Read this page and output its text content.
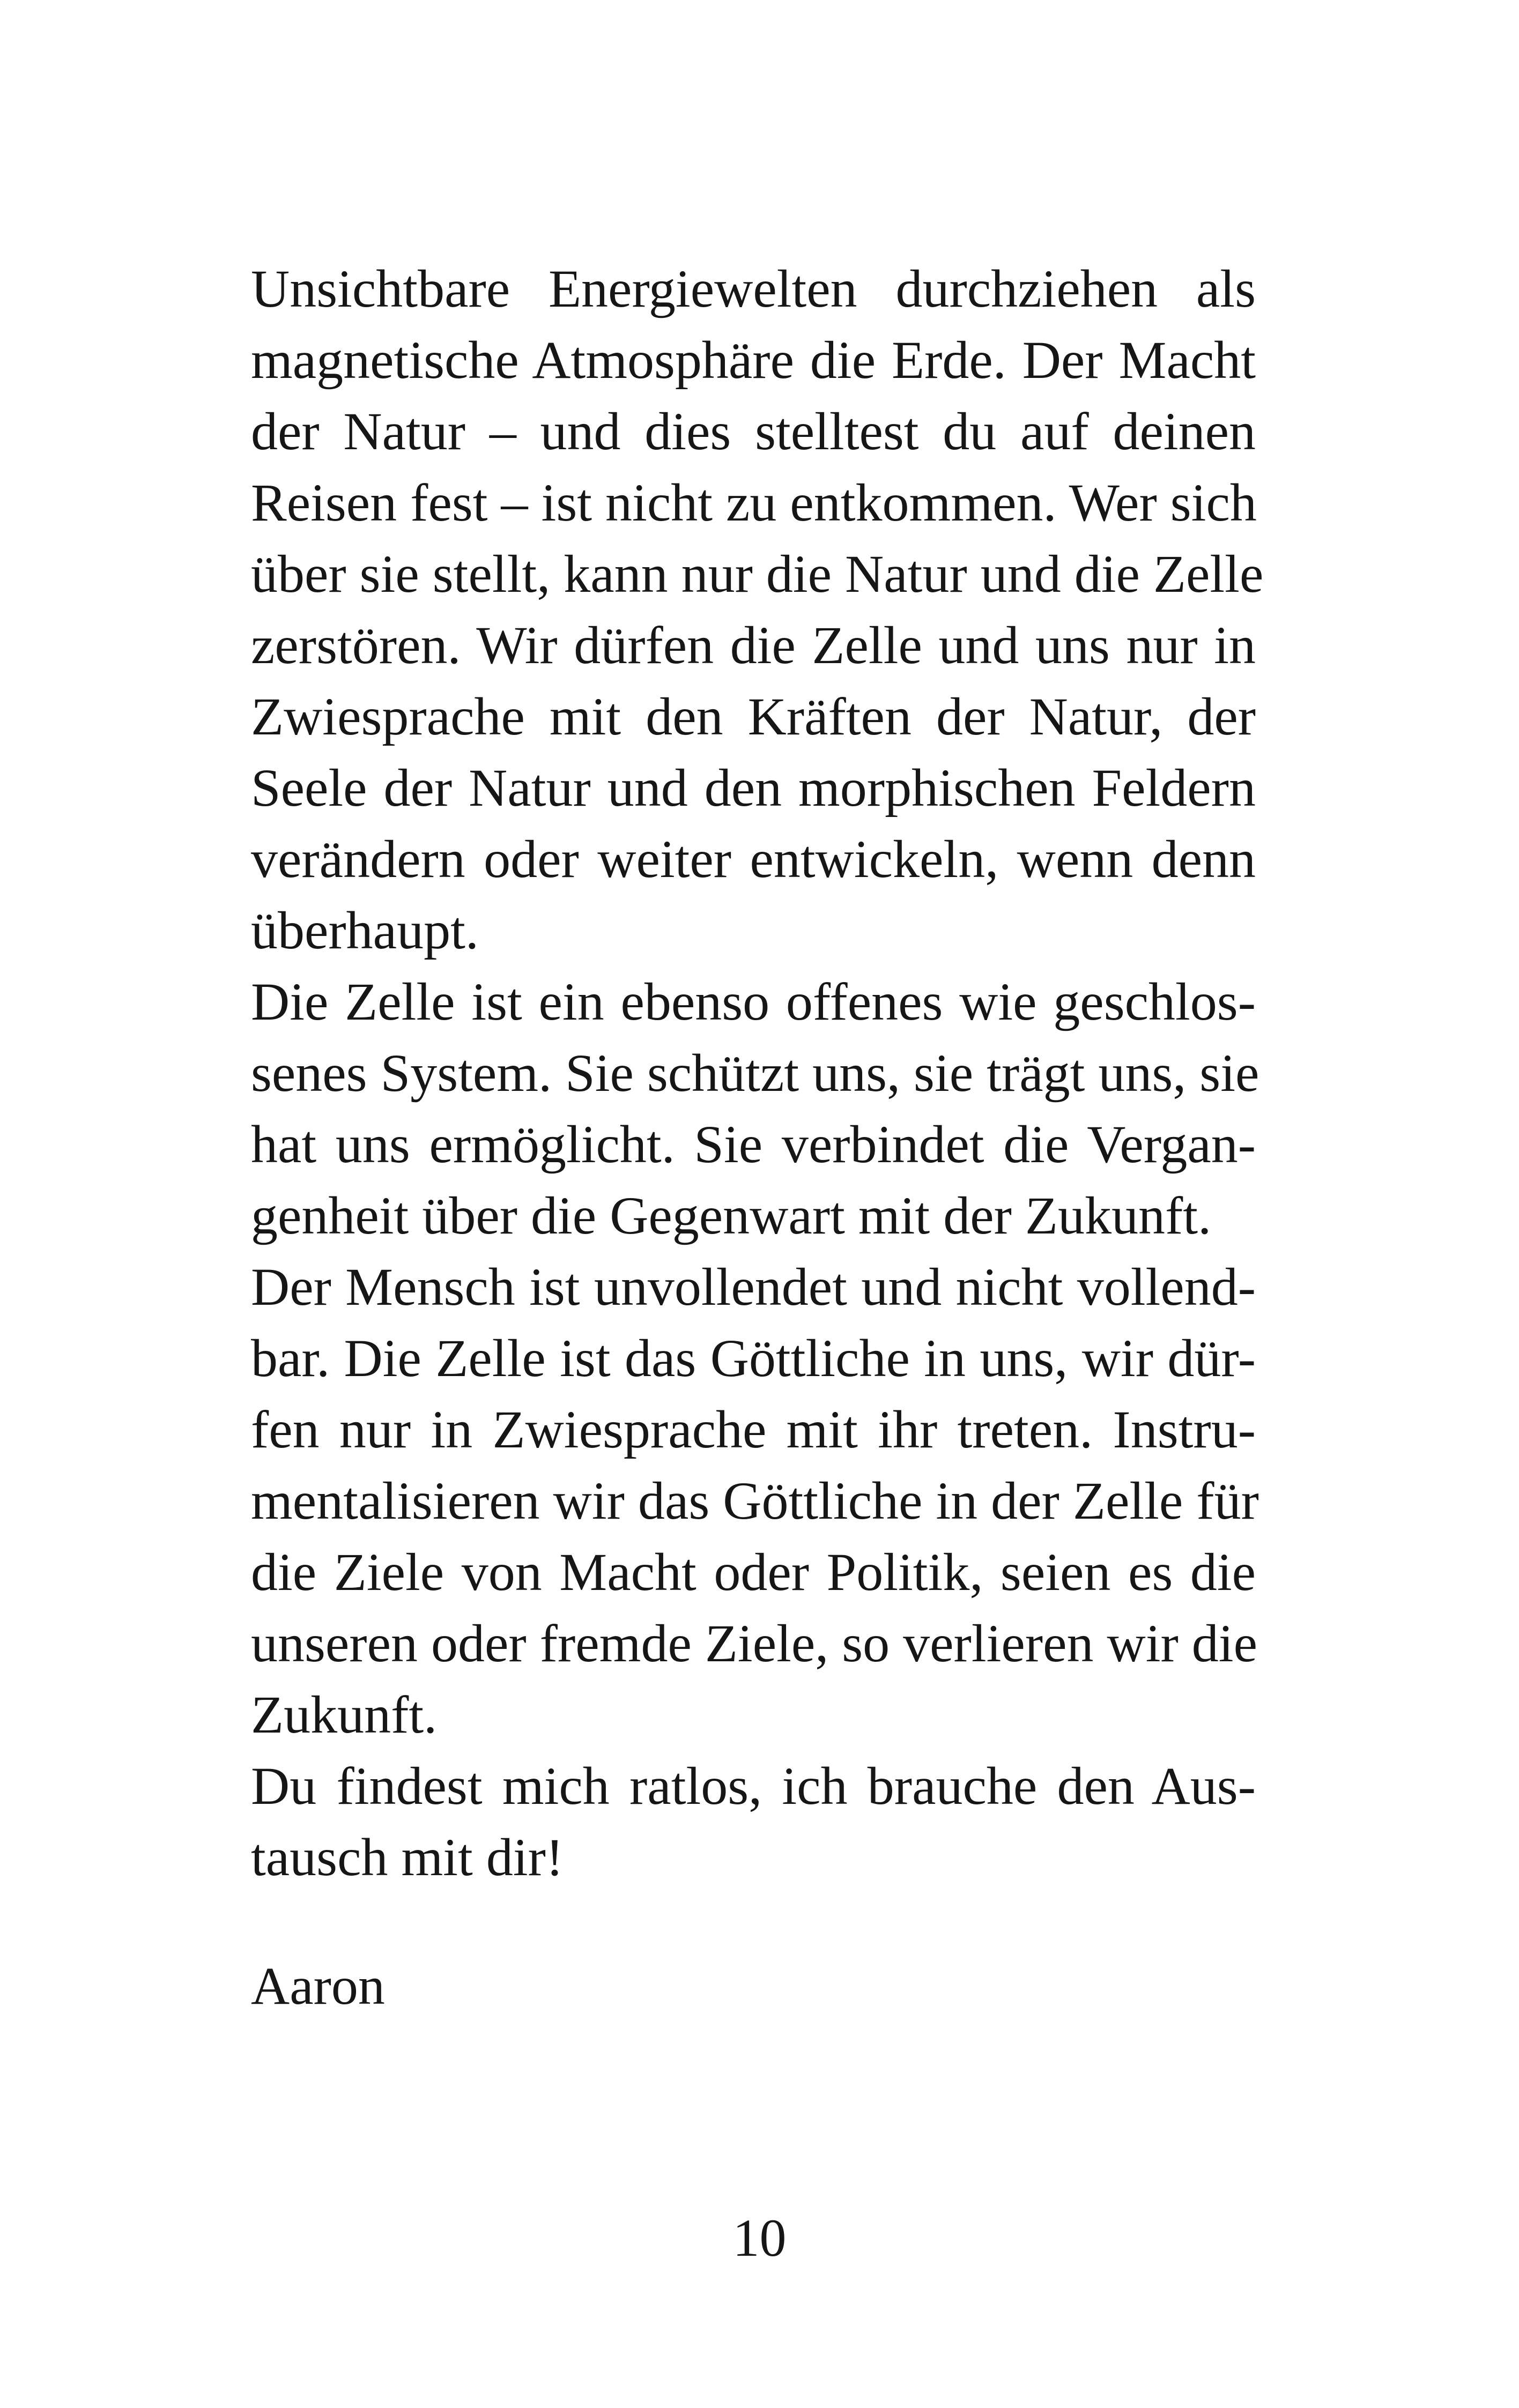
Unsichtbare Energiewelten durchziehen als
magnetische Atmosphäre die Erde. Der Macht
der Natur – und dies stelltest du auf deinen
Reisen fest – ist nicht zu entkommen. Wer sich
über sie stellt, kann nur die Natur und die Zelle
zerstören. Wir dürfen die Zelle und uns nur in
Zwiesprache mit den Kräften der Natur, der
Seele der Natur und den morphischen Feldern
verändern oder weiter entwickeln, wenn denn
überhaupt.
Die Zelle ist ein ebenso offenes wie geschlos-
senes System. Sie schützt uns, sie trägt uns, sie
hat uns ermöglicht. Sie verbindet die Vergan-
genheit über die Gegenwart mit der Zukunft.
Der Mensch ist unvollendet und nicht vollend-
bar. Die Zelle ist das Göttliche in uns, wir dür-
fen nur in Zwiesprache mit ihr treten. Instru-
mentalisieren wir das Göttliche in der Zelle für
die Ziele von Macht oder Politik, seien es die
unseren oder fremde Ziele, so verlieren wir die
Zukunft.
Du findest mich ratlos, ich brauche den Aus-
tausch mit dir!
Aaron
10
